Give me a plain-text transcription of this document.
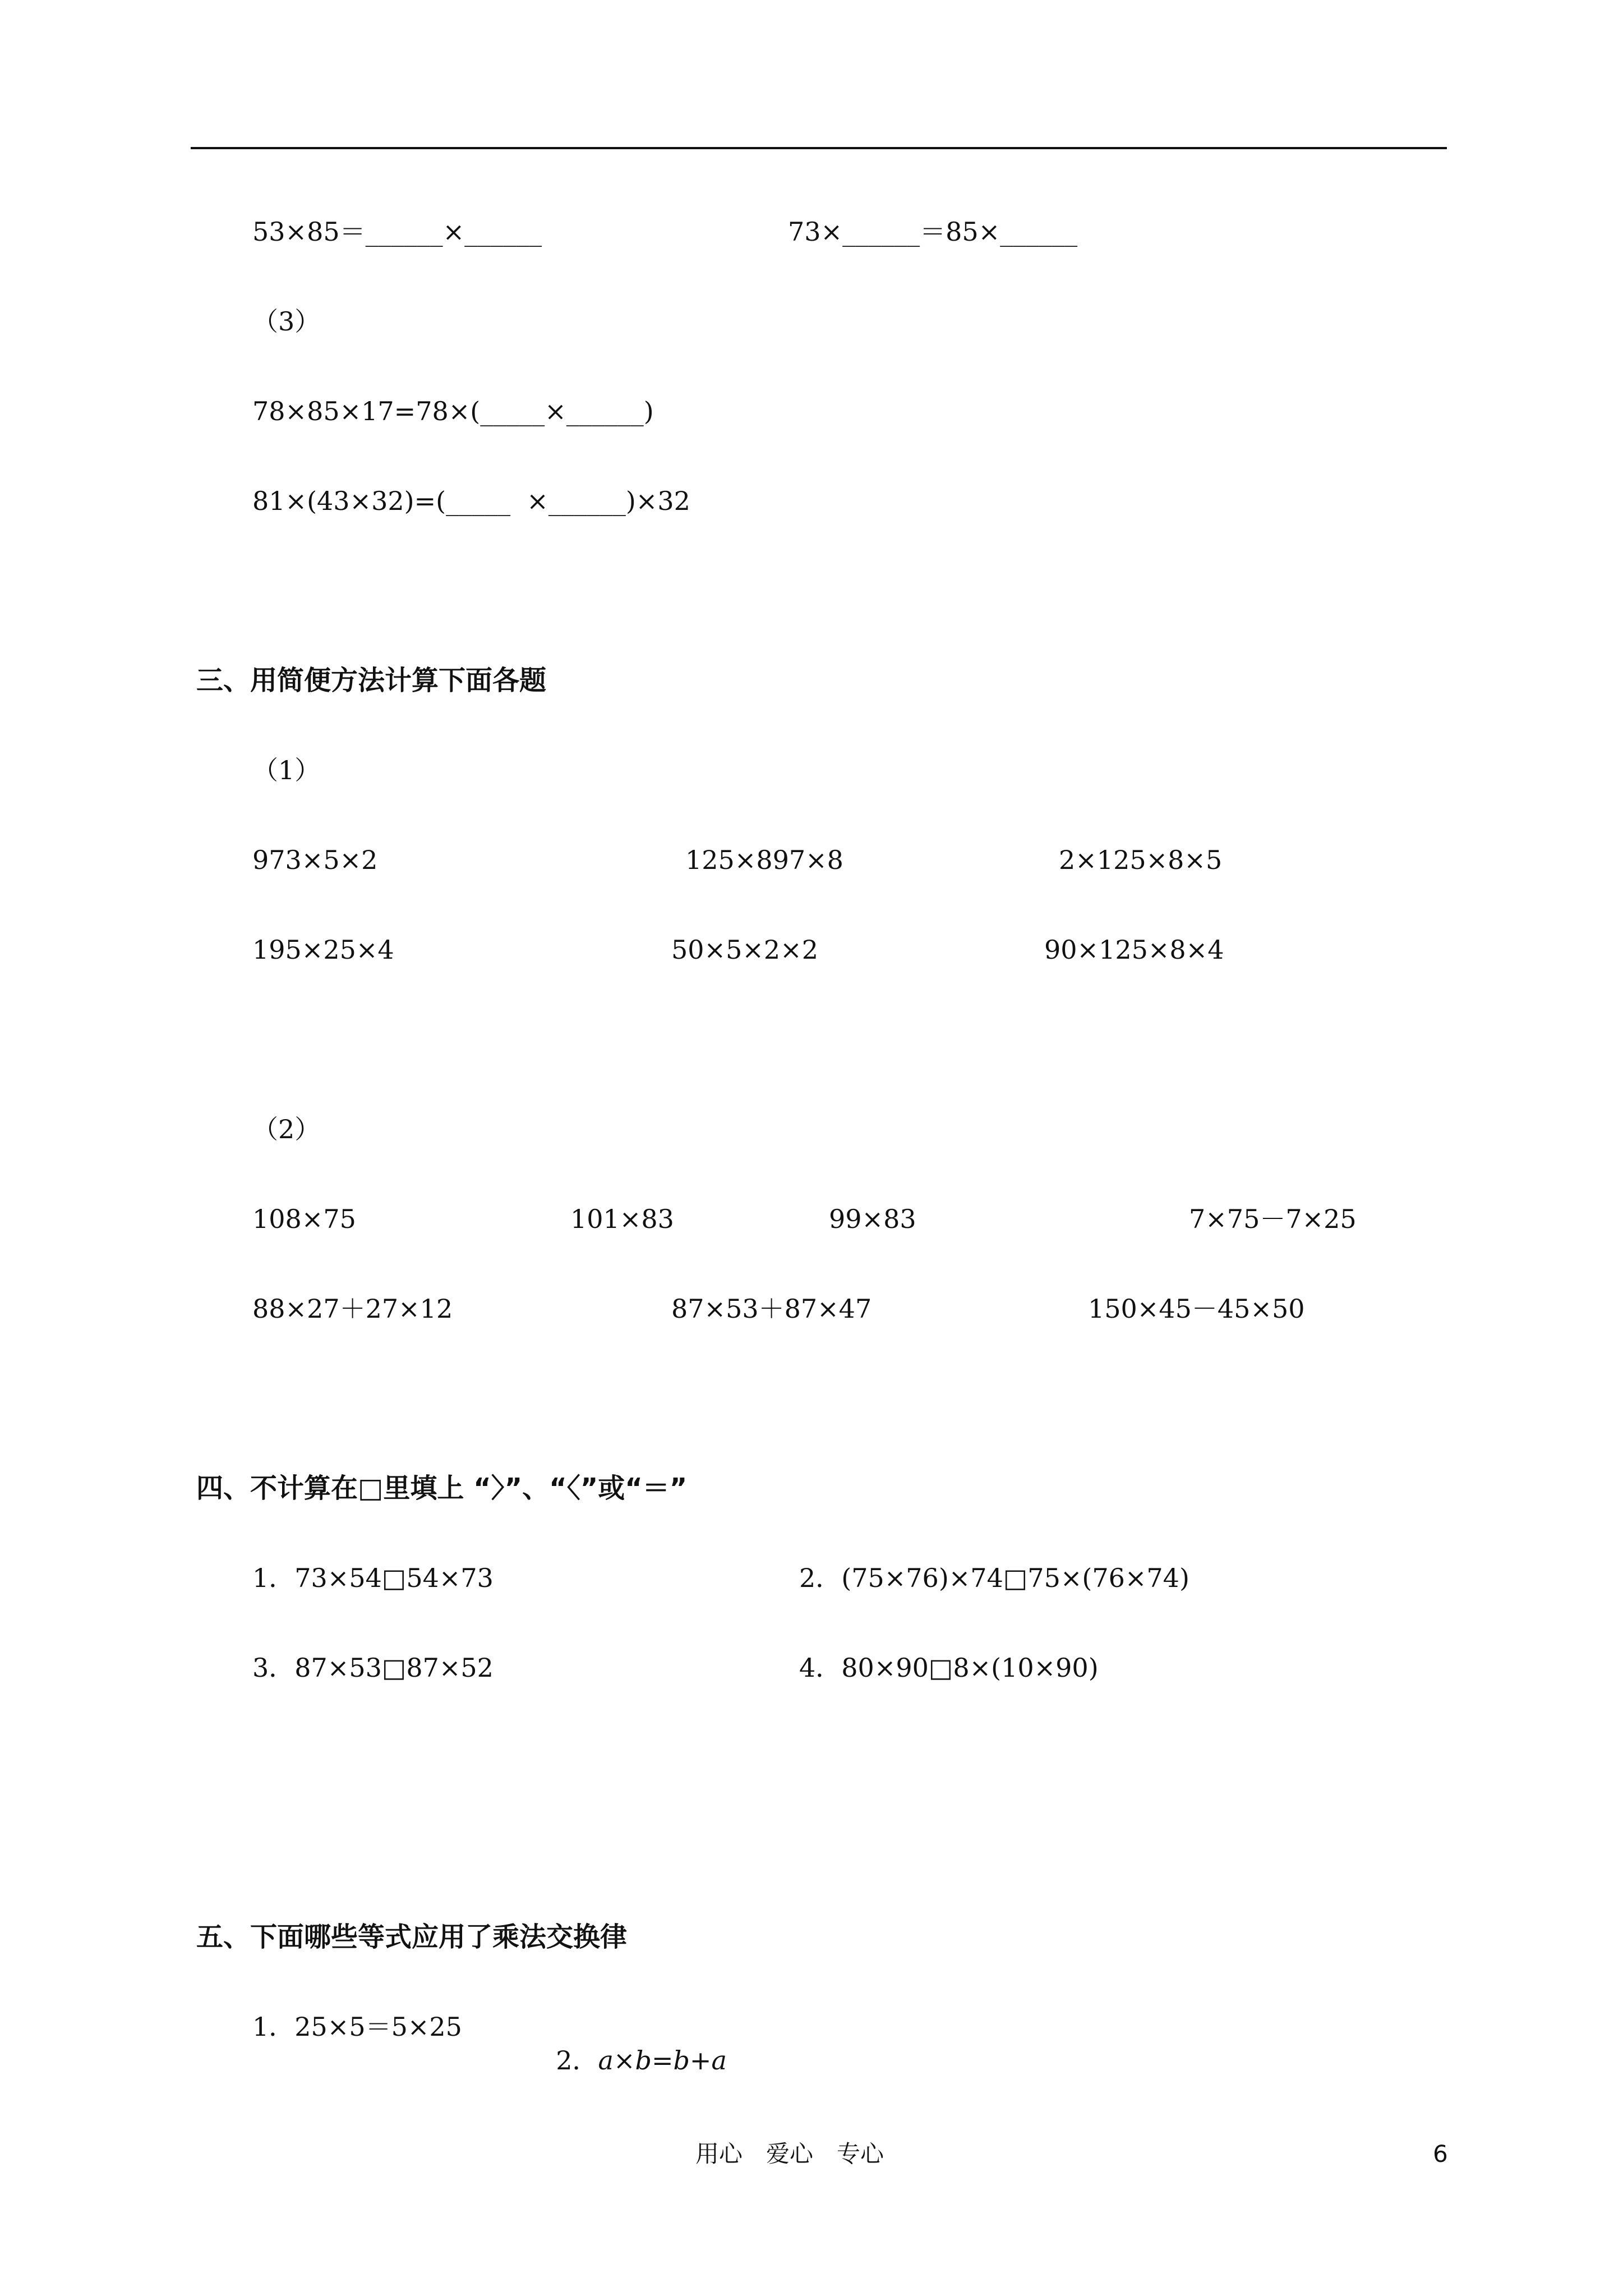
53×85＝______×______	73×______＝85×______
（3）
78×85×17=78×(_____×______)
81×(43×32)=(_____  ×______)×32
三、用简便方法计算下面各题
（1）
973×5×2	125×897×8	2×125×8×5
195×25×4	50×5×2×2	90×125×8×4
（2）
108×75	101×83	99×83	7×75－7×25
88×27＋27×12	87×53＋87×47	150×45－45×50
四、不计算在□里填上 “〉”、“〈”或“＝”
1．73×54□54×73	2．(75×76)×74□75×(76×74)
3．87×53□87×52	4．80×90□8×(10×90)
五、下面哪些等式应用了乘法交换律
1．25×5＝5×25

2．a×b=b+a

用心　爱心　专心	6
